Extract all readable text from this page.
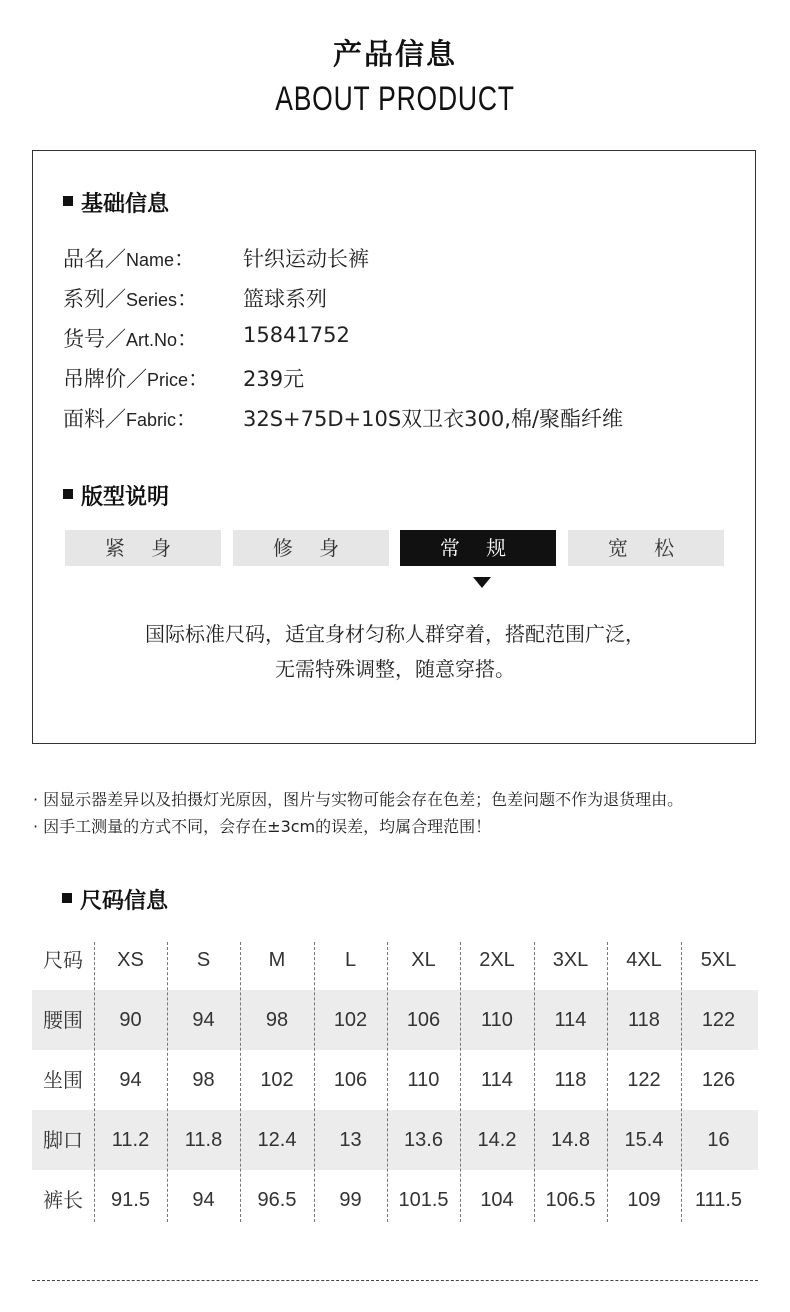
产品信息
ABOUT PRODUCT
基础信息
品名／Name： 针织运动长裤
系列／Series： 篮球系列
货号／Art.No： 15841752
吊牌价／Price： 239元
面料／Fabric： 32S+75D+10S双卫衣300,棉/聚酯纤维
版型说明
紧 身	修 身	常 规	宽 松
国际标准尺码，适宜身材匀称人群穿着，搭配范围广泛，
无需特殊调整，随意穿搭。
· 因显示器差异以及拍摄灯光原因，图片与实物可能会存在色差；色差问题不作为退货理由。
· 因手工测量的方式不同，会存在±3cm的误差，均属合理范围！
尺码信息
尺码	XS	S	M	L	XL	2XL	3XL	4XL	5XL
腰围	90	94	98	102	106	110	114	118	122
坐围	94	98	102	106	110	114	118	122	126
脚口	11.2	11.8	12.4	13	13.6	14.2	14.8	15.4	16
裤长	91.5	94	96.5	99	101.5	104	106.5	109	111.5
